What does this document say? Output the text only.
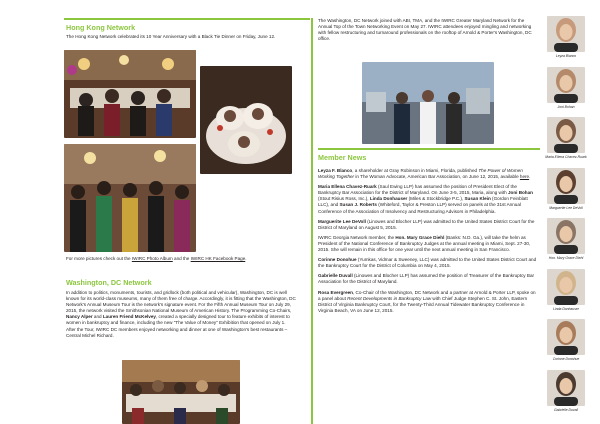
Hong Kong Network
The Hong Kong Network celebrated its 10 Year Anniversary with a Black Tie Dinner on Friday, June 12.
For more pictures check out the IWIRC Photo Album and the IWIRC HK Facebook Page.
Washington, DC Network
In addition to politics, monuments, tourists, and gridlock (both political and vehicular), Washington, DC is well known for its world-class museums, many of them free of charge. Accordingly, it is fitting that the Washington, DC Network's Annual Museum Tour is the network's signature event. For the Fifth Annual Museum Tour on July 29, 2015, the network visited the Smithsonian National Museum of American History. The Programming Co-Chairs, Nancy Alper and Lauren Friend McKelvey, created a specially designed tour to feature exhibits of interest to women in bankruptcy and finance, including the new "The Value of Money" Exhibition that opened on July 1. After the Tour, IWIRC DC members enjoyed networking and dinner at one of Washington's best restaurants – Central Michel Richard.
The Washington, DC Network joined with ABI, TMA, and the IWIRC Greater Maryland Network for the Annual Top of the Town Networking Event on May 27. IWIRC attendees enjoyed mingling and networking with fellow restructuring and turnaround professionals on the rooftop of Arnold & Porter's Washington, DC office.
Member News
Leyza F. Blanco, a shareholder at Gray Robinson in Miami, Florida, published The Power of Women Working Together in The Woman Advocate, American Bar Association, on June 12, 2015, available here.
Maria Ellena Chavez-Ruark (Saul Ewing LLP) has assumed the position of President Elect of the Bankruptcy Bar Association for the District of Maryland. On June 3-5, 2015, Maria, along with Joni Bohan (Stout Risius Ross, Inc.), Linda Donhauser (Miles & Stockbridge P.C.), Susan Klein (Gordon Feinblatt LLC), and Susan J. Roberts (Whiteford, Taylor & Preston LLP) served on panels at the 31st Annual Conference of the Association of Insolvency and Restructuring Advisors in Philadelphia.
Marguerite Lee DeVoll (Linowes and Blocher LLP) was admitted to the United States District Court for the District of Maryland on August 5, 2015.
IWIRC Georgia Network member, the Hon. Mary Grace Diehl (Banks: N.D. Ga.), will take the helm as President of the National Conference of Bankruptcy Judges at the annual meeting in Miami, Sept. 27-30, 2015. She will remain in this office for one year until the next annual meeting in San Francisco.
Corinne Donohue (Yumkas, Vidmar & Sweeney, LLC) was admitted to the United States District Court and the Bankruptcy Court for the District of Columbia on May 4, 2015.
Gabrielle Duvall (Linowes and Blocher LLP) has assumed the position of Treasurer of the Bankruptcy Bar Association for the District of Maryland.
Rosa Evergreen, Co-Chair of the Washington, DC Network and a partner at Arnold & Porter LLP, spoke on a panel about Recent Developments in Bankruptcy Law with Chief Judge Stephen C. St. John, Eastern District of Virginia Bankruptcy Court, for the Twenty-Third Annual Tidewater Bankruptcy Conference in Virginia Beach, VA on June 12, 2015.
Leyza Blanco
Joni Bohan
Maria Ellena Chavez-Ruark
Marguerite Lee DeVoll
Hon. Mary Grace Diehl
Linda Donhauser
Corinne Donohue
Gabrielle Duvall
